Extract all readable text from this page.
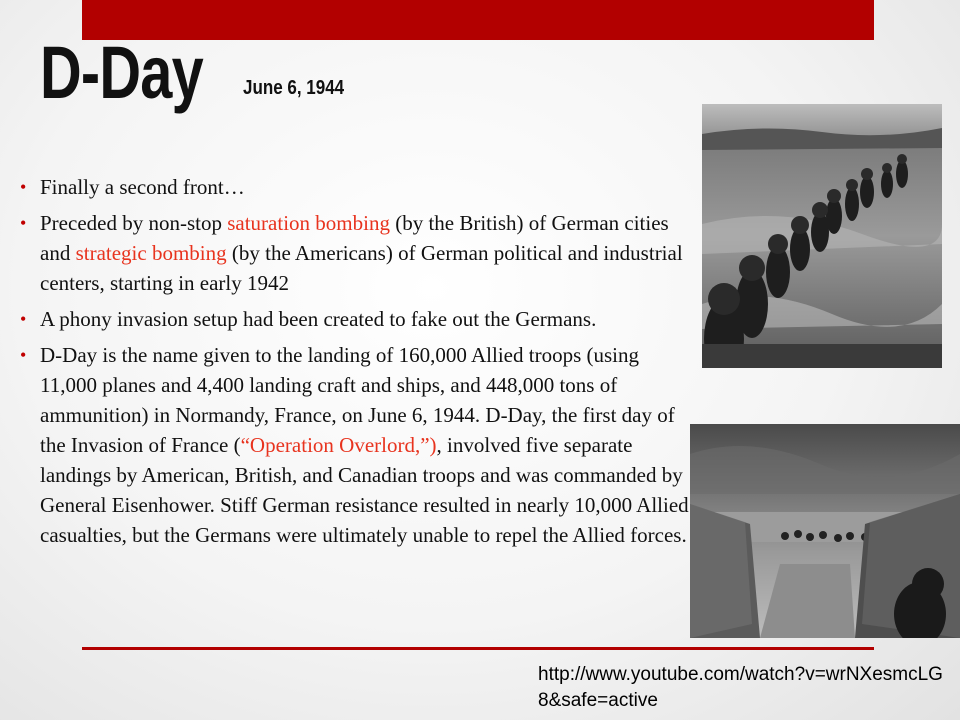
D-Day June 6, 1944
• Finally a second front…
• Preceded by non-stop saturation bombing (by the British) of German cities and strategic bombing (by the Americans) of German political and industrial centers, starting in early 1942
• A phony invasion setup had been created to fake out the Germans.
• D-Day is the name given to the landing of 160,000 Allied troops (using 11,000 planes and 4,400 landing craft and ships, and 448,000 tons of ammunition) in Normandy, France, on June 6, 1944. D-Day, the first day of the Invasion of France (“Operation Overlord,”), involved five separate landings by American, British, and Canadian troops and was commanded by General Eisenhower. Stiff German resistance resulted in nearly 10,000 Allied casualties, but the Germans were ultimately unable to repel the Allied forces.
http://www.youtube.com/watch?v=wrNXesmcLG8&safe=active
